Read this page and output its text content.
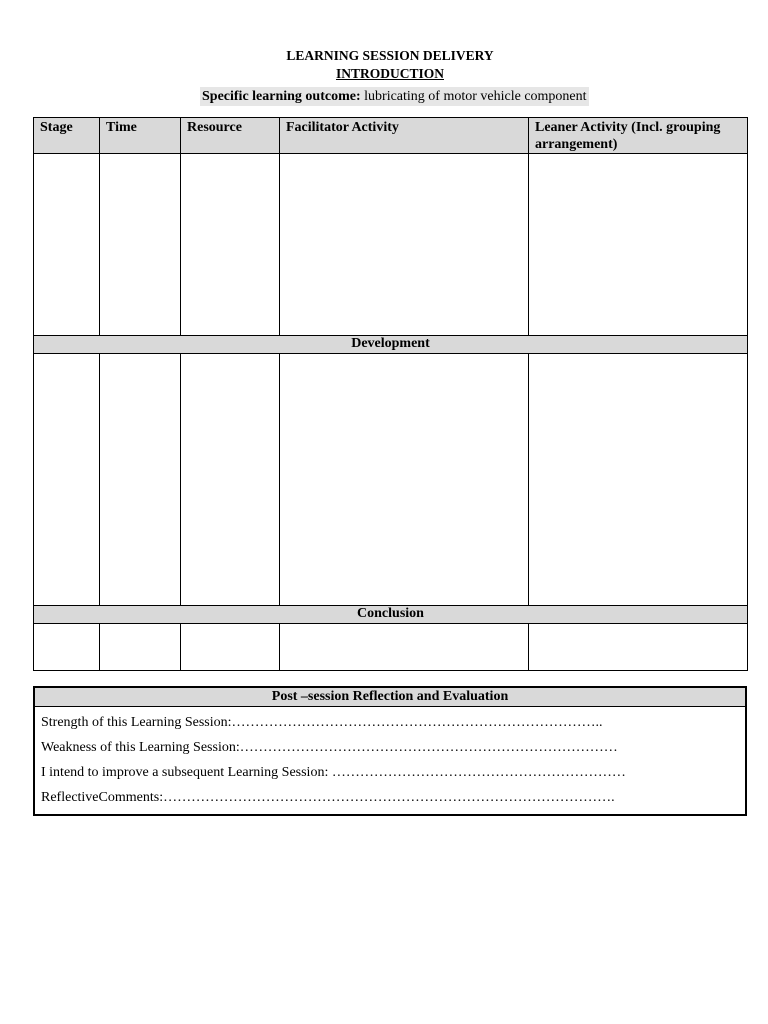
LEARNING SESSION DELIVERY
INTRODUCTION
Specific learning outcome: lubricating of motor vehicle component
Stage	Time	Resource	Facilitator Activity	Leaner Activity (Incl. grouping arrangement)

Development				

Conclusion				

Post –session Reflection and Evaluation

Strength of this Learning Session:……………………………………………………………………..
Weakness of this Learning Session:………………………………………………………………………
I intend to improve a subsequent Learning Session: ………………………………………………………
ReflectiveComments:…………………………………………………………………………………….
